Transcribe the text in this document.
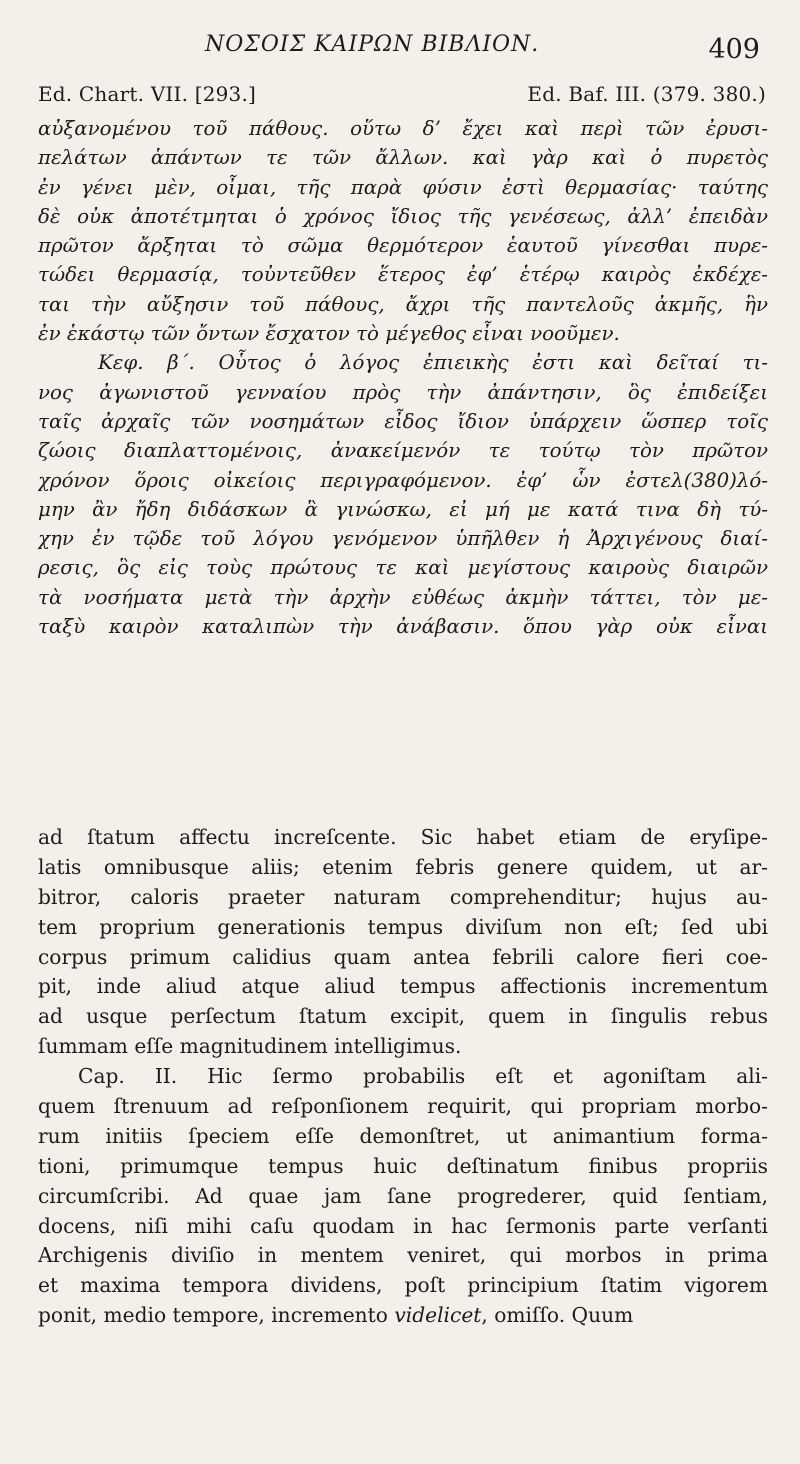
ΝΟΣΟΙΣ ΚΑΙΡΩΝ ΒΙΒΛΙΟΝ.	409
Ed. Chart. VII. [293.]	Ed. Baf. III. (379. 380.)
αὐξανομένου τοῦ πάθους. οὕτω δ’ ἔχει καὶ περὶ τῶν ἐρυσι-
πελάτων ἁπάντων τε τῶν ἄλλων. καὶ γὰρ καὶ ὁ πυρετὸς
ἐν γένει μὲν, οἶμαι, τῆς παρὰ φύσιν ἐστὶ θερμασίας· ταύτης
δὲ οὐκ ἀποτέτμηται ὁ χρόνος ἴδιος τῆς γενέσεως, ἀλλ’ ἐπειδὰν
πρῶτον ἄρξηται τὸ σῶμα θερμότερον ἑαυτοῦ γίνεσθαι πυρε-
τώδει θερμασίᾳ, τοὐντεῦθεν ἕτερος ἐφ’ ἑτέρῳ καιρὸς ἐκδέχε-
ται τὴν αὔξησιν τοῦ πάθους, ἄχρι τῆς παντελοῦς ἀκμῆς, ἣν
ἐν ἑκάστῳ τῶν ὄντων ἔσχατον τὸ μέγεθος εἶναι νοοῦμεν.
Κεφ. β΄. Οὗτος ὁ λόγος ἐπιεικὴς ἐστι καὶ δεῖταί τι-
νος ἀγωνιστοῦ γενναίου πρὸς τὴν ἀπάντησιν, ὃς ἐπιδείξει
ταῖς ἀρχαῖς τῶν νοσημάτων εἶδος ἴδιον ὑπάρχειν ὥσπερ τοῖς
ζώοις διαπλαττομένοις, ἀνακείμενόν τε τούτῳ τὸν πρῶτον
χρόνον ὅροις οἰκείοις περιγραφόμενον. ἐφ’ ὧν ἐστελ(380)λό-
μην ἂν ἤδη διδάσκων ἃ γινώσκω, εἰ μή με κατά τινα δὴ τύ-
χην ἐν τῷδε τοῦ λόγου γενόμενον ὑπῆλθεν ἡ Ἀρχιγένους διαί-
ρεσις, ὃς εἰς τοὺς πρώτους τε καὶ μεγίστους καιροὺς διαιρῶν
τὰ νοσήματα μετὰ τὴν ἀρχὴν εὐθέως ἀκμὴν τάττει, τὸν με-
ταξὺ καιρὸν καταλιπὼν τὴν ἀνάβασιν. ὅπου γὰρ οὐκ εἶναι
ad ſtatum affectu increſcente. Sic habet etiam de eryſipe-
latis omnibusque aliis; etenim febris genere quidem, ut ar-
bitror, caloris praeter naturam comprehenditur; hujus au-
tem proprium generationis tempus diviſum non eſt; ſed ubi
corpus primum calidius quam antea febrili calore fieri coe-
pit, inde aliud atque aliud tempus affectionis incrementum
ad usque perſectum ſtatum excipit, quem in ſingulis rebus
ſummam eſſe magnitudinem intelligimus.
Cap. II. Hic ſermo probabilis eſt et agoniſtam ali-
quem ſtrenuum ad reſponſionem requirit, qui propriam morbo-
rum initiis ſpeciem eſſe demonſtret, ut animantium forma-
tioni, primumque tempus huic deſtinatum finibus propriis
circumſcribi. Ad quae jam ſane progrederer, quid ſentiam,
docens, niſi mihi caſu quodam in hac ſermonis parte verſanti
Archigenis diviſio in mentem veniret, qui morbos in prima
et maxima tempora dividens, poſt principium ſtatim vigorem
ponit, medio tempore, incremento videlicet, omiſſo. Quum
